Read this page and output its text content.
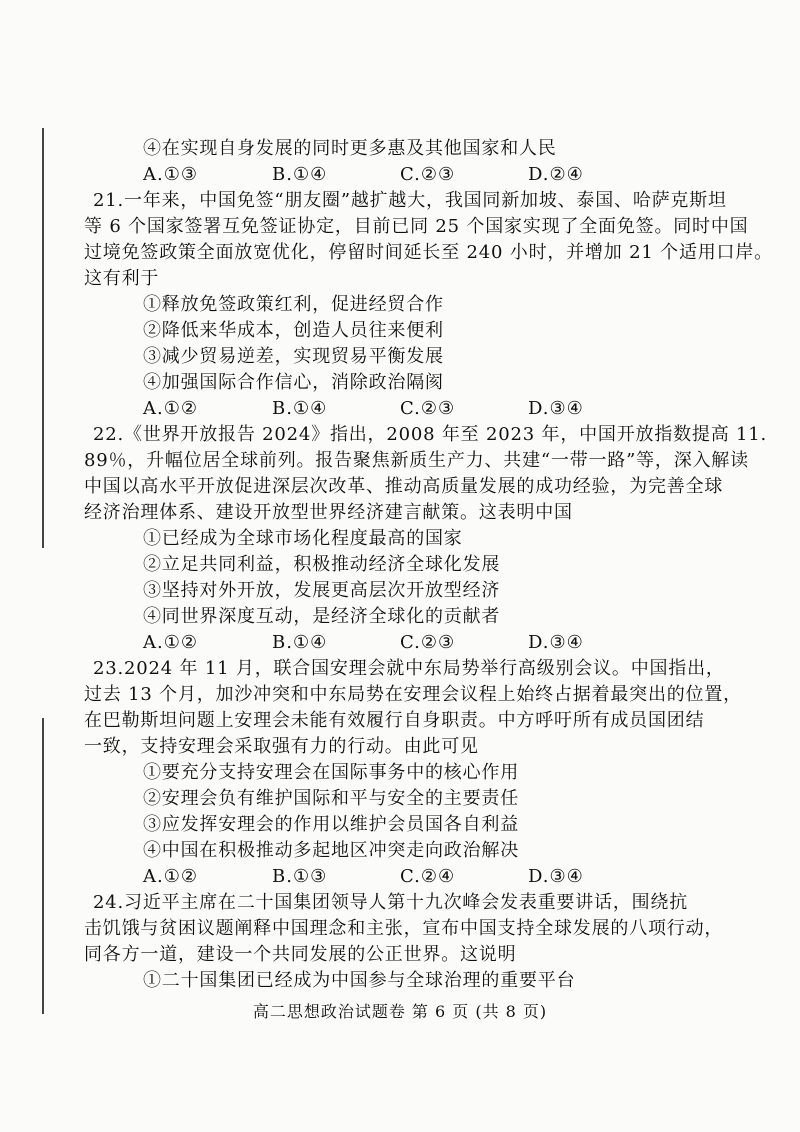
④在实现自身发展的同时更多惠及其他国家和人民
A.①③	B.①④	C.②③	D.②④
21.一年来，中国免签“朋友圈”越扩越大，我国同新加坡、泰国、哈萨克斯坦
等 6 个国家签署互免签证协定，目前已同 25 个国家实现了全面免签。同时中国
过境免签政策全面放宽优化，停留时间延长至 240 小时，并增加 21 个适用口岸。
这有利于
①释放免签政策红利，促进经贸合作
②降低来华成本，创造人员往来便利
③减少贸易逆差，实现贸易平衡发展
④加强国际合作信心，消除政治隔阂
A.①②	B.①④	C.②③	D.③④
22.《世界开放报告 2024》指出，2008 年至 2023 年，中国开放指数提高 11.
89％，升幅位居全球前列。报告聚焦新质生产力、共建“一带一路”等，深入解读
中国以高水平开放促进深层次改革、推动高质量发展的成功经验，为完善全球
经济治理体系、建设开放型世界经济建言献策。这表明中国
①已经成为全球市场化程度最高的国家
②立足共同利益，积极推动经济全球化发展
③坚持对外开放，发展更高层次开放型经济
④同世界深度互动，是经济全球化的贡献者
A.①②	B.①④	C.②③	D.③④
23.2024 年 11 月，联合国安理会就中东局势举行高级别会议。中国指出，
过去 13 个月，加沙冲突和中东局势在安理会议程上始终占据着最突出的位置，
在巴勒斯坦问题上安理会未能有效履行自身职责。中方呼吁所有成员国团结
一致，支持安理会采取强有力的行动。由此可见
①要充分支持安理会在国际事务中的核心作用
②安理会负有维护国际和平与安全的主要责任
③应发挥安理会的作用以维护会员国各自利益
④中国在积极推动多起地区冲突走向政治解决
A.①②	B.①③	C.②④	D.③④
24.习近平主席在二十国集团领导人第十九次峰会发表重要讲话，围绕抗
击饥饿与贫困议题阐释中国理念和主张，宣布中国支持全球发展的八项行动，
同各方一道，建设一个共同发展的公正世界。这说明
①二十国集团已经成为中国参与全球治理的重要平台
高二思想政治试题卷 第 6 页 (共 8 页)
